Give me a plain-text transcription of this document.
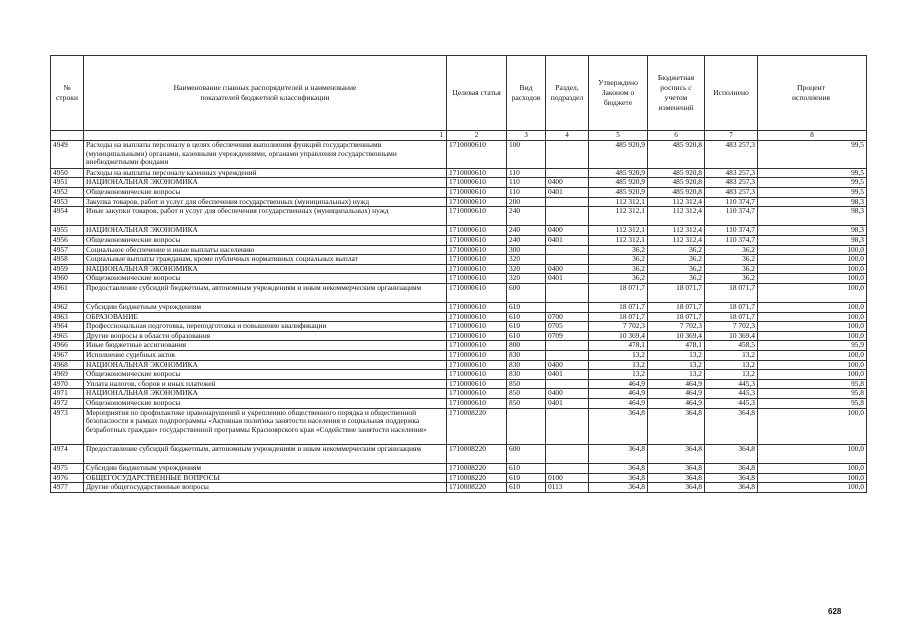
№ строки	Наименование главных распорядителей и наименование показателей бюджетной классификации	Целевая статья	Вид расходов	Раздел, подраздел	Утверждено Законом о бюджете	Бюджетная роспись с учетом изменений	Исполнено	Процент исполнения
	1	2	3	4	5	6	7	8
4949	Расходы на выплаты персоналу в целях обеспечения выполнения функций государственными (муниципальными) органами, казенными учреждениями, органами управления государственными внебюджетными фондами	1710000610	100		485 920,9	485 920,8	483 257,3	99,5
4950	Расходы на выплаты персоналу казенных учреждений	1710000610	110		485 920,9	485 920,8	483 257,3	99,5
4951	НАЦИОНАЛЬНАЯ ЭКОНОМИКА	1710000610	110	0400	485 920,9	485 920,8	483 257,3	99,5
4952	Общеэкономические вопросы	1710000610	110	0401	485 920,9	485 920,8	483 257,3	99,5
4953	Закупка товаров, работ и услуг для обеспечения государственных (муниципальных) нужд	1710000610	200		112 312,1	112 312,4	110 374,7	98,3
4954	Иные закупки товаров, работ и услуг для обеспечения государственных (муниципальных) нужд	1710000610	240		112 312,1	112 312,4	110 374,7	98,3
4955	НАЦИОНАЛЬНАЯ ЭКОНОМИКА	1710000610	240	0400	112 312,1	112 312,4	110 374,7	98,3
4956	Общеэкономические вопросы	1710000610	240	0401	112 312,1	112 312,4	110 374,7	98,3
4957	Социальное обеспечение и иные выплаты населению	1710000610	300		36,2	36,2	36,2	100,0
4958	Социальные выплаты гражданам, кроме публичных нормативных социальных выплат	1710000610	320		36,2	36,2	36,2	100,0
4959	НАЦИОНАЛЬНАЯ ЭКОНОМИКА	1710000610	320	0400	36,2	36,2	36,2	100,0
4960	Общеэкономические вопросы	1710000610	320	0401	36,2	36,2	36,2	100,0
4961	Предоставление субсидий бюджетным, автономным учреждениям и иным некоммерческим организациям	1710000610	600		18 071,7	18 071,7	18 071,7	100,0
4962	Субсидии бюджетным учреждениям	1710000610	610		18 071,7	18 071,7	18 071,7	100,0
4963	ОБРАЗОВАНИЕ	1710000610	610	0700	18 071,7	18 071,7	18 071,7	100,0
4964	Профессиональная подготовка, переподготовка и повышение квалификации	1710000610	610	0705	7 702,3	7 702,3	7 702,3	100,0
4965	Другие вопросы в области образования	1710000610	610	0709	10 369,4	10 369,4	10 369,4	100,0
4966	Иные бюджетные ассигнования	1710000610	800		478,1	478,1	458,5	95,9
4967	Исполнение судебных актов	1710000610	830		13,2	13,2	13,2	100,0
4968	НАЦИОНАЛЬНАЯ ЭКОНОМИКА	1710000610	830	0400	13,2	13,2	13,2	100,0
4969	Общеэкономические вопросы	1710000610	830	0401	13,2	13,2	13,2	100,0
4970	Уплата налогов, сборов и иных платежей	1710000610	850		464,9	464,9	445,3	95,8
4971	НАЦИОНАЛЬНАЯ ЭКОНОМИКА	1710000610	850	0400	464,9	464,9	445,3	95,8
4972	Общеэкономические вопросы	1710000610	850	0401	464,9	464,9	445,3	95,8
4973	Мероприятия по профилактике правонарушений и укреплению общественного порядка и общественной безопасности в рамках подпрограммы «Активная политика занятости населения и социальная поддержка безработных граждан» государственной программы Красноярского края «Содействие занятости населения»	1710008220			364,8	364,8	364,8	100,0
4974	Предоставление субсидий бюджетным, автономным учреждениям и иным некоммерческим организациям	1710008220	600		364,8	364,8	364,8	100,0
4975	Субсидии бюджетным учреждениям	1710008220	610		364,8	364,8	364,8	100,0
4976	ОБЩЕГОСУДАРСТВЕННЫЕ ВОПРОСЫ	1710008220	610	0100	364,8	364,8	364,8	100,0
4977	Другие общегосударственные вопросы	1710008220	610	0113	364,8	364,8	364,8	100,0
628
